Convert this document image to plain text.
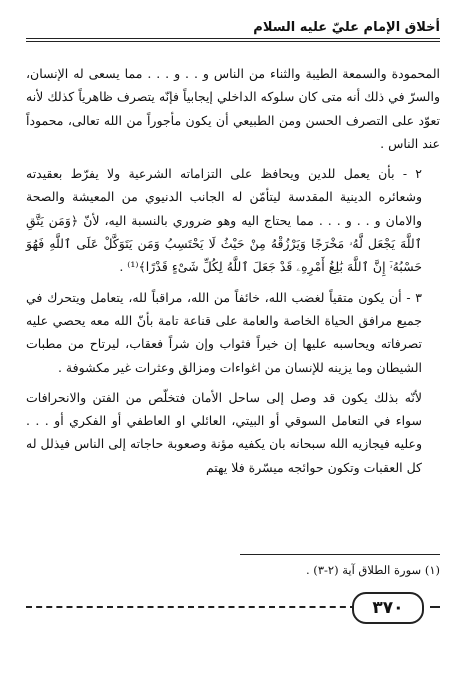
أخلاق الإمام عليّ عليه السلام

المحمودة والسمعة الطيبة والثناء من الناس و . . و . . . مما يسعى له الإنسان، والسرّ في ذلك أنه متى كان سلوكه الداخلي إيجابياً فإنّه يتصرف ظاهرياً كذلك لأنه تعوّد على التصرف الحسن ومن الطبيعي أن يكون مأجوراً من الله تعالى، محموداً عند الناس .

٢ - بأن يعمل للدين ويحافظ على التزاماته الشرعية ولا يفرّط بعقيدته وشعائره الدينية المقدسة ليتأمّن له الجانب الدنيوي من المعيشة والصحة والامان و . . و . . . مما يحتاج اليه وهو ضروري بالنسبة اليه، لأنّ ﴿وَمَن يَتَّقِ ٱللَّهَ يَجْعَل لَّهُۥ مَخْرَجًا وَيَرْزُقْهُ مِنْ حَيْثُ لَا يَحْتَسِبُ وَمَن يَتَوَكَّلْ عَلَى ٱللَّهِ فَهُوَ حَسْبُهُۥٓ إِنَّ ٱللَّهَ بَٰلِغُ أَمْرِهِۦ قَدْ جَعَلَ ٱللَّهُ لِكُلِّ شَىْءٍ قَدْرًا﴾⁽¹⁾ .

٣ - أن يكون متقياً لغضب الله، خائفاً من الله، مراقباً لله، يتعامل ويتحرك في جميع مرافق الحياة الخاصة والعامة على قناعة تامة بأنّ الله معه يحصي عليه تصرفاته ويحاسبه عليها إن خيراً فثواب وإن شراً فعقاب، ليرتاح من مطبات الشيطان وما يزينه للإنسان من اغواءات ومزالق وعثرات غير مكشوفة .

لأنّه بذلك يكون قد وصل إلى ساحل الأمان فتخلّص من الفتن والانحرافات سواء في التعامل السوقي أو البيتي، العائلي او العاطفي أو الفكري أو . . . وعليه فيجازيه الله سبحانه بان يكفيه مؤنة وصعوبة حاجاته إلى الناس فيذلل له كل العقبات وتكون حوائجه ميسّرة فلا يهتم

(١) سورة الطلاق آية (٢-٣) .
٣٧٠
